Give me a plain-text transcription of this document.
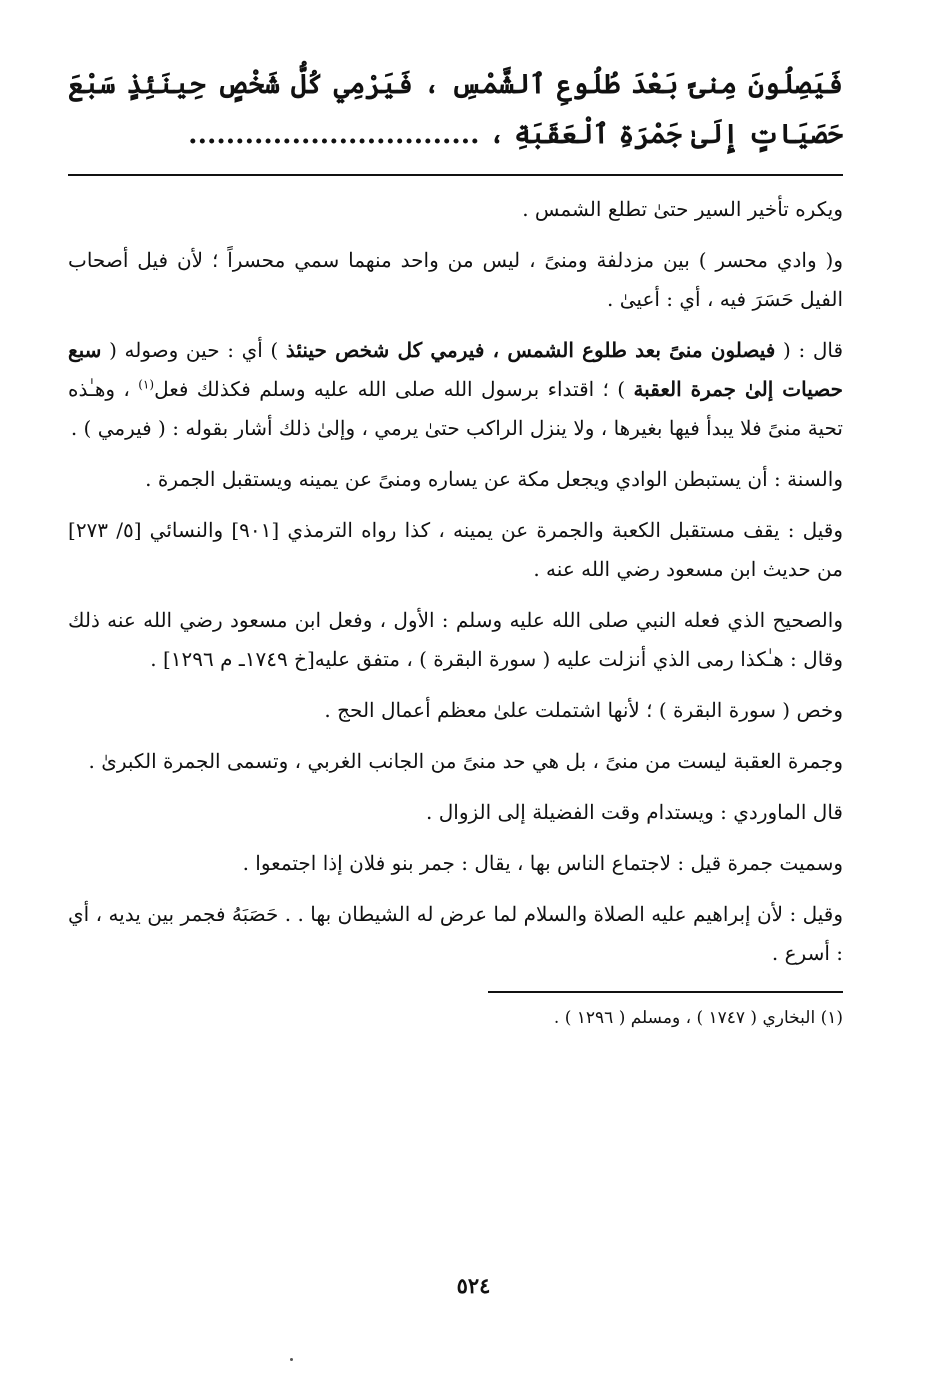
فَيَصِلُونَ مِنىً بَعْدَ طُلُوعِ ٱلشَّمْسِ ، فَيَرْمِي كُلُّ شَخْصٍ حِينَئِذٍ سَبْعَ حَصَيَاتٍ إِلَىٰ جَمْرَةِ ٱلْعَقَبَةِ ، ...............................

ويكره تأخير السير حتىٰ تطلع الشمس .

و( وادي محسر ) بين مزدلفة ومنىً ، ليس من واحد منهما سمي محسراً ؛ لأن فيل أصحاب الفيل حَسَرَ فيه ، أي : أعيىٰ .

قال : ( فيصلون منىً بعد طلوع الشمس ، فيرمي كل شخص حينئذ ) أي : حين وصوله ( سبع حصيات إلىٰ جمرة العقبة ) ؛ اقتداء برسول الله صلى الله عليه وسلم فكذلك فعل$^{(١)}$ ، وهـٰذه تحية منىً فلا يبدأ فيها بغيرها ، ولا ينزل الراكب حتىٰ يرمي ، وإلىٰ ذلك أشار بقوله : ( فيرمي ) .

والسنة : أن يستبطن الوادي ويجعل مكة عن يساره ومنىً عن يمينه ويستقبل الجمرة .

وقيل : يقف مستقبل الكعبة والجمرة عن يمينه ، كذا رواه الترمذي [٩٠١] والنسائي [٥/ ٢٧٣] من حديث ابن مسعود رضي الله عنه .

والصحيح الذي فعله النبي صلى الله عليه وسلم : الأول ، وفعل ابن مسعود رضي الله عنه ذلك وقال : هـٰكذا رمى الذي أنزلت عليه ( سورة البقرة ) ، متفق عليه[خ ١٧٤٩ـ م ١٢٩٦] .

وخص ( سورة البقرة ) ؛ لأنها اشتملت علىٰ معظم أعمال الحج .

وجمرة العقبة ليست من منىً ، بل هي حد منىً من الجانب الغربي ، وتسمى الجمرة الكبرىٰ .

قال الماوردي : ويستدام وقت الفضيلة إلى الزوال .

وسميت جمرة قيل : لاجتماع الناس بها ، يقال : جمر بنو فلان إذا اجتمعوا .

وقيل : لأن إبراهيم عليه الصلاة والسلام لما عرض له الشيطان بها . . حَصَبَهُ فجمر بين يديه ، أي : أسرع .

(١) البخاري ( ١٧٤٧ ) ، ومسلم ( ١٢٩٦ ) .

٥٢٤
